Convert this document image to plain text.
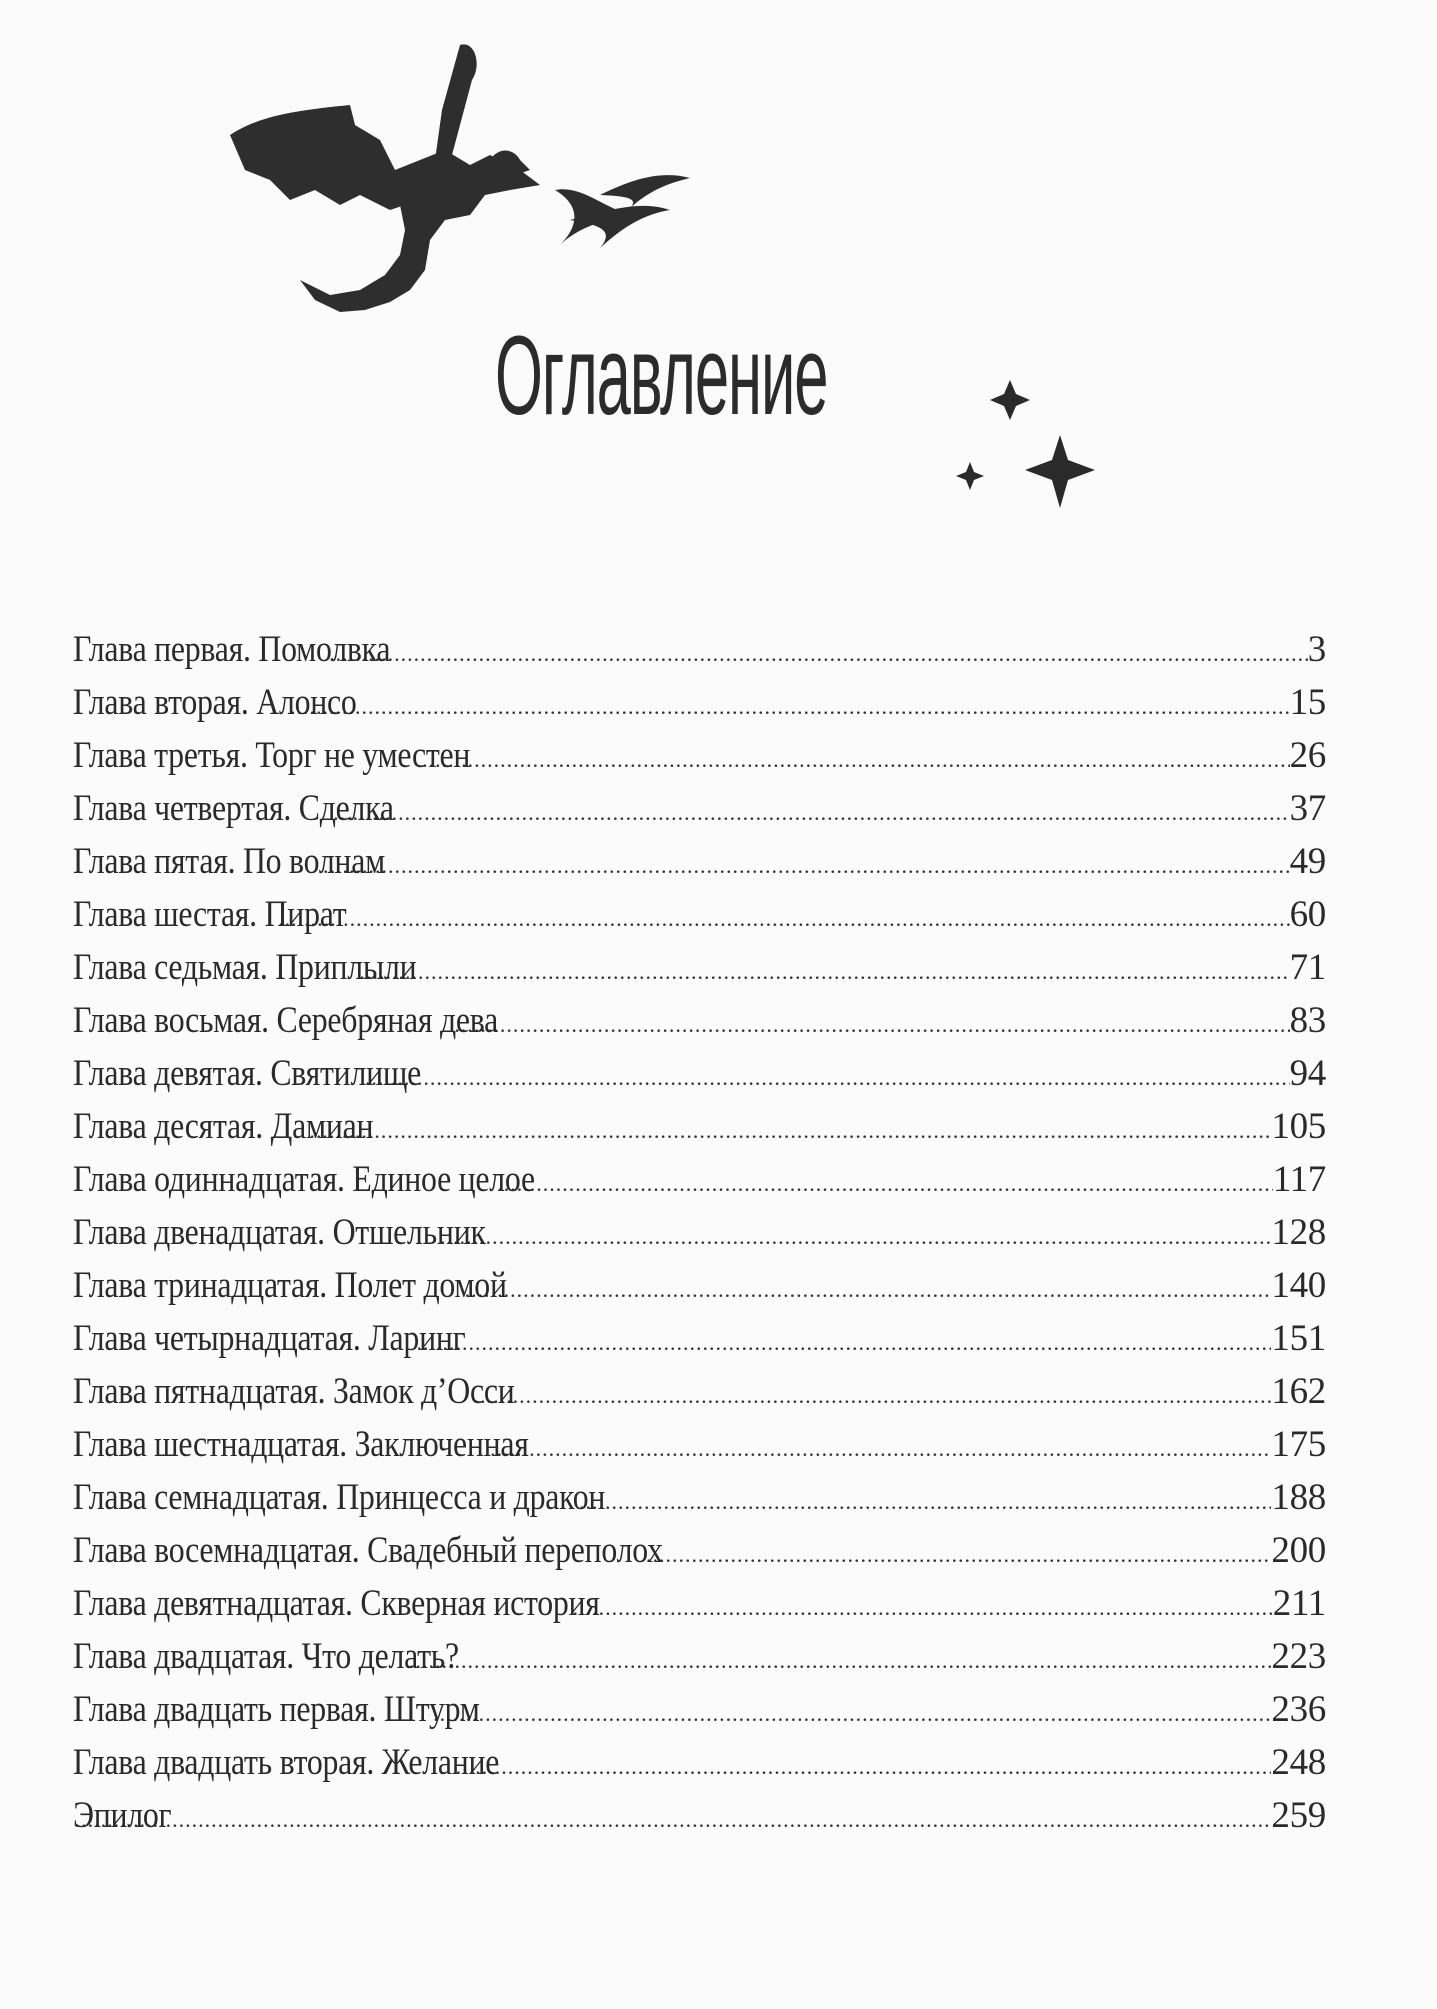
Оглавление
Глава первая. Помолвка .....	3
Глава вторая. Алонсо .....	15
Глава третья. Торг не уместен .....	26
Глава четвертая. Сделка .....	37
Глава пятая. По волнам .....	49
Глава шестая. Пират .....	60
Глава седьмая. Приплыли .....	71
Глава восьмая. Серебряная дева .....	83
Глава девятая. Святилище .....	94
Глава десятая. Дамиан .....	105
Глава одиннадцатая. Единое целое .....	117
Глава двенадцатая. Отшельник .....	128
Глава тринадцатая. Полет домой .....	140
Глава четырнадцатая. Ларинг .....	151
Глава пятнадцатая. Замок д’Осси .....	162
Глава шестнадцатая. Заключенная .....	175
Глава семнадцатая. Принцесса и дракон .....	188
Глава восемнадцатая. Свадебный переполох .....	200
Глава девятнадцатая. Скверная история .....	211
Глава двадцатая. Что делать? .....	223
Глава двадцать первая. Штурм .....	236
Глава двадцать вторая. Желание .....	248
Эпилог .....	259
